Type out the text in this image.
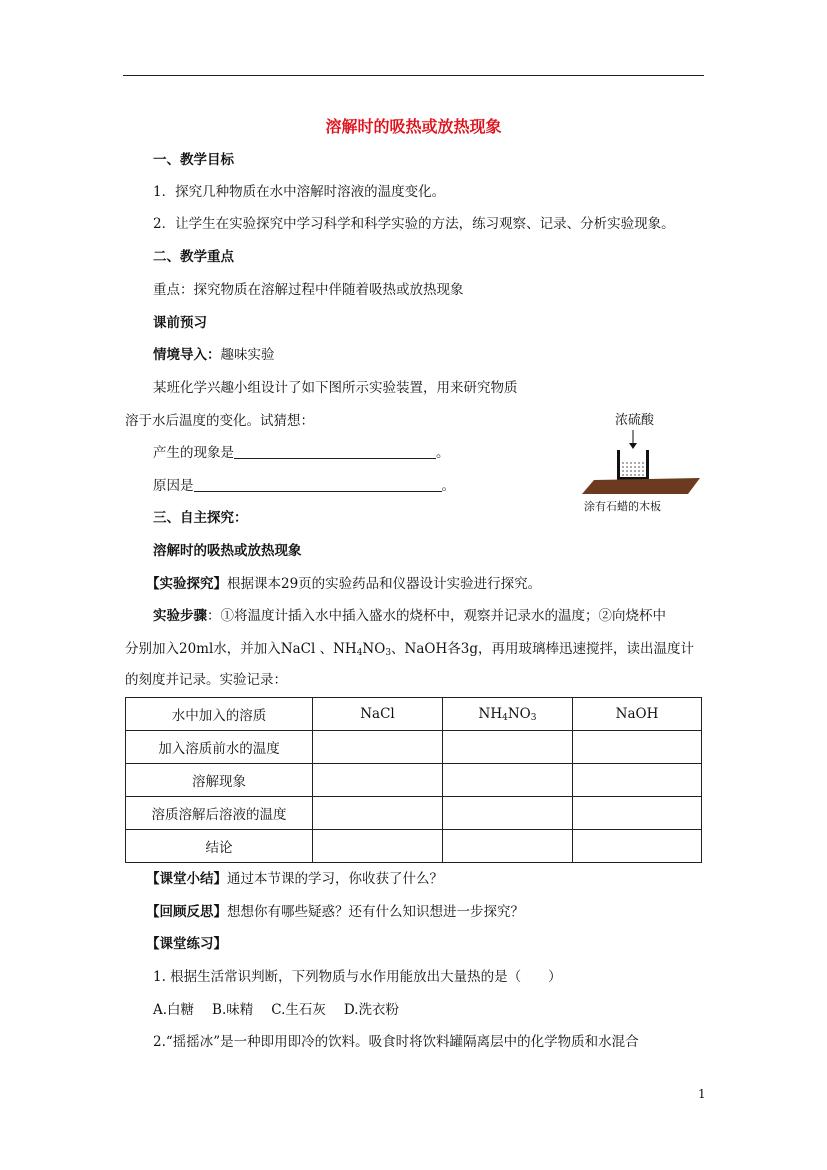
溶解时的吸热或放热现象
一、教学目标
1．探究几种物质在水中溶解时溶液的温度变化。
2．让学生在实验探究中学习科学和科学实验的方法，练习观察、记录、分析实验现象。
二、教学重点
重点：探究物质在溶解过程中伴随着吸热或放热现象
课前预习
情境导入：趣味实验
某班化学兴趣小组设计了如下图所示实验装置，用来研究物质
溶于水后温度的变化。试猜想：
产生的现象是	。
原因是	。
浓硫酸
涂有石蜡的木板
三、自主探究：
溶解时的吸热或放热现象
【实验探究】根据课本29页的实验药品和仪器设计实验进行探究。
实验步骤：①将温度计插入水中插入盛水的烧杯中，观察并记录水的温度；②向烧杯中
分别加入20ml水，并加入NaCl 、$NH_4NO_3$、NaOH各3g，再用玻璃棒迅速搅拌，读出温度计
的刻度并记录。实验记录：
水中加入的溶质	NaCl	$NH_4NO_3$	NaOH
加入溶质前水的温度			
溶解现象			
溶质溶解后溶液的温度			
结论			
【课堂小结】通过本节课的学习，你收获了什么？
【回顾反思】想想你有哪些疑惑？还有什么知识想进一步探究？
【课堂练习】
1. 根据生活常识判断，下列物质与水作用能放出大量热的是（　　）
A.白糖 B.味精 C.生石灰 D.洗衣粉
2.“摇摇冰”是一种即用即冷的饮料。吸食时将饮料罐隔离层中的化学物质和水混合
1
